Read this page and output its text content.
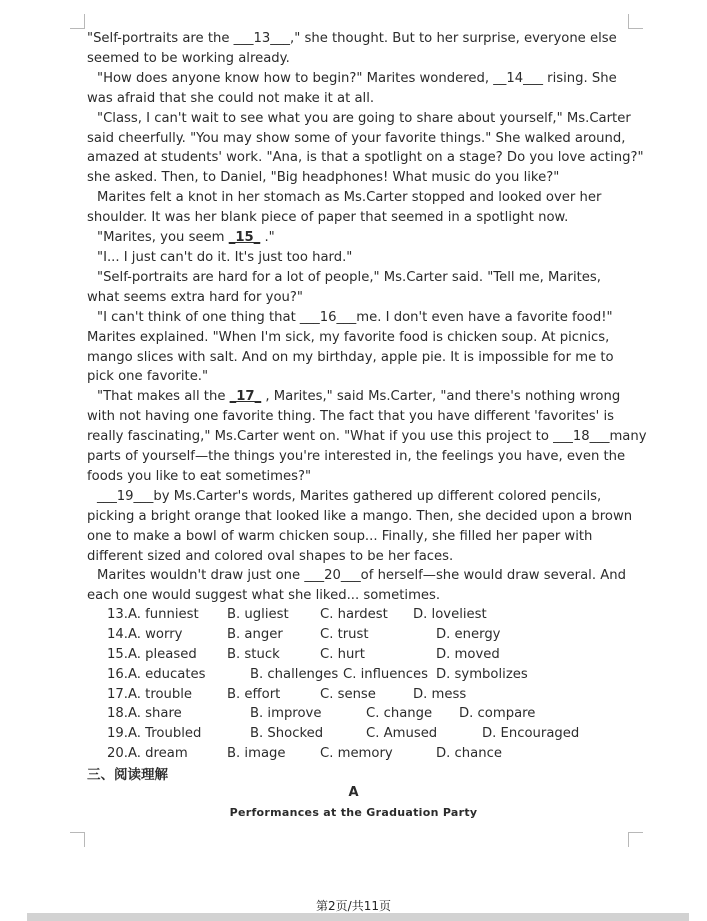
"Self-portraits are the ___13___," she thought. But to her surprise, everyone else

seemed to be working already.

"How does anyone know how to begin?" Marites wondered, __14___ rising. She

was afraid that she could not make it at all.

"Class, I can't wait to see what you are going to share about yourself," Ms.Carter

said cheerfully. "You may show some of your favorite things." She walked around,

amazed at students' work. "Ana, is that a spotlight on a stage? Do you love acting?"

she asked. Then, to Daniel, "Big headphones! What music do you like?"

Marites felt a knot in her stomach as Ms.Carter stopped and looked over her

shoulder. It was her blank piece of paper that seemed in a spotlight now.

"Marites, you seem _15_ ."

"I... I just can't do it. It's just too hard."

"Self-portraits are hard for a lot of people," Ms.Carter said. "Tell me, Marites,

what seems extra hard for you?"

"I can't think of one thing that ___16___me. I don't even have a favorite food!"

Marites explained. "When I'm sick, my favorite food is chicken soup. At picnics,

mango slices with salt. And on my birthday, apple pie. It is impossible for me to

pick one favorite."

"That makes all the _17_ , Marites," said Ms.Carter, "and there's nothing wrong

with not having one favorite thing. The fact that you have different 'favorites' is

really fascinating," Ms.Carter went on. "What if you use this project to ___18___many

parts of yourself—the things you're interested in, the feelings you have, even the

foods you like to eat sometimes?"

___19___by Ms.Carter's words, Marites gathered up different colored pencils,

picking a bright orange that looked like a mango. Then, she decided upon a brown

one to make a bowl of warm chicken soup... Finally, she filled her paper with

different sized and colored oval shapes to be her faces.

Marites wouldn't draw just one ___20___of herself—she would draw several. And

each one would suggest what she liked... sometimes.

13.A. funniest B. ugliest C. hardest D. loveliest
14.A. worry	B. anger	C. trust	D. energy
15.A. pleased B. stuck	C. hurt	D. moved
16.A. educates	B. challenges C. influences D. symbolizes
17.A. trouble	B. effort	C. sense	D. mess
18.A. share	B. improve	C. change D. compare
19.A. Troubled	B. Shocked	C. Amused	D. Encouraged
20.A. dream	B. image	C. memory	D. chance
三、阅读理解
A
Performances at the Graduation Party
第2页/共11页
